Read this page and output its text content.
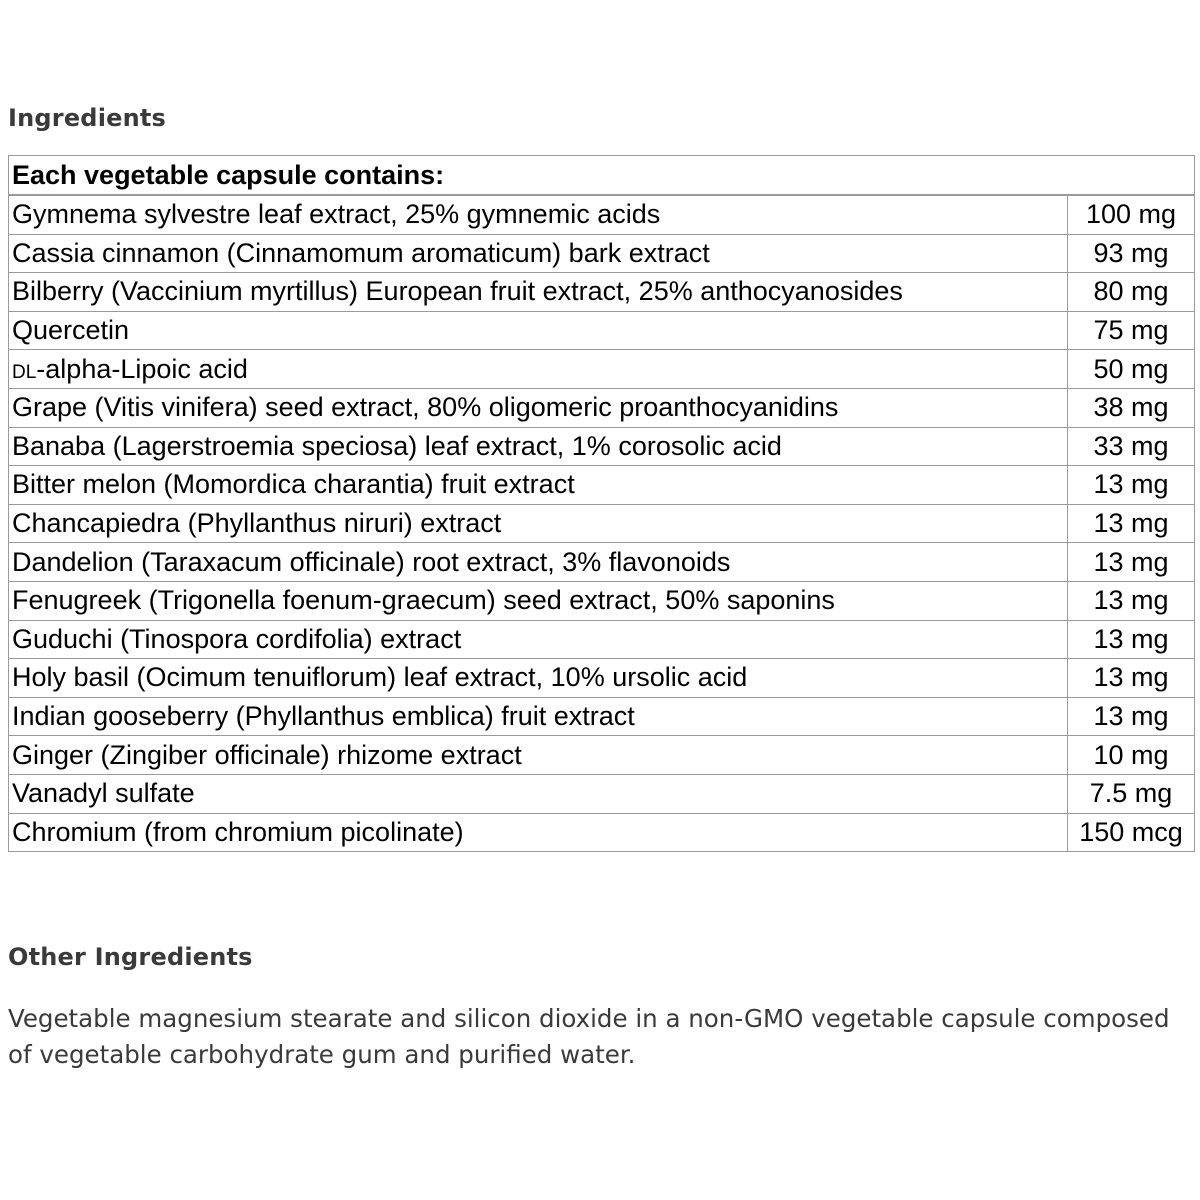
Ingredients
Each vegetable capsule contains:	
Gymnema sylvestre leaf extract, 25% gymnemic acids	100 mg
Cassia cinnamon (Cinnamomum aromaticum) bark extract	93 mg
Bilberry (Vaccinium myrtillus) European fruit extract, 25% anthocyanosides	80 mg
Quercetin	75 mg
dl-alpha-Lipoic acid	50 mg
Grape (Vitis vinifera) seed extract, 80% oligomeric proanthocyanidins	38 mg
Banaba (Lagerstroemia speciosa) leaf extract, 1% corosolic acid	33 mg
Bitter melon (Momordica charantia) fruit extract	13 mg
Chancapiedra (Phyllanthus niruri) extract	13 mg
Dandelion (Taraxacum officinale) root extract, 3% flavonoids	13 mg
Fenugreek (Trigonella foenum-graecum) seed extract, 50% saponins	13 mg
Guduchi (Tinospora cordifolia) extract	13 mg
Holy basil (Ocimum tenuiflorum) leaf extract, 10% ursolic acid	13 mg
Indian gooseberry (Phyllanthus emblica) fruit extract	13 mg
Ginger (Zingiber officinale) rhizome extract	10 mg
Vanadyl sulfate	7.5 mg
Chromium (from chromium picolinate)	150 mcg
Other Ingredients

Vegetable magnesium stearate and silicon dioxide in a non-GMO vegetable capsule composed of vegetable carbohydrate gum and purified water.
